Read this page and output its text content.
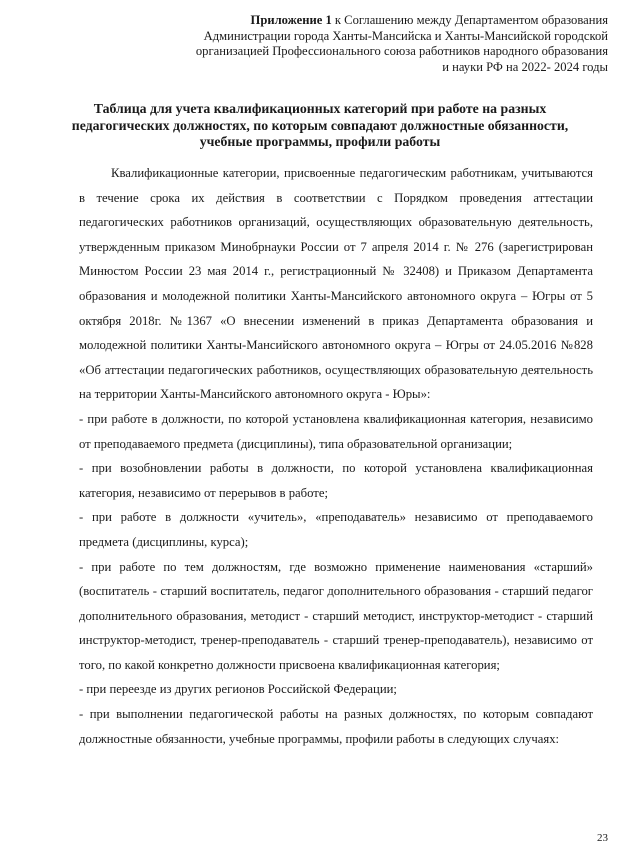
Приложение 1 к Соглашению между Департаментом образования Администрации города Ханты-Мансийска и Ханты-Мансийской городской организацией Профессионального союза работников народного образования и науки РФ на 2022- 2024 годы
Таблица для учета квалификационных категорий при работе на разных педагогических должностях, по которым совпадают должностные обязанности, учебные программы, профили работы

Квалификационные категории, присвоенные педагогическим работникам, учитываются в течение срока их действия в соответствии с Порядком проведения аттестации педагогических работников организаций, осуществляющих образовательную деятельность, утвержденным приказом Минобрнауки России от 7 апреля 2014 г. № 276 (зарегистрирован Минюстом России 23 мая 2014 г., регистрационный № 32408) и Приказом Департамента образования и молодежной политики Ханты-Мансийского автономного округа – Югры от 5 октября 2018г. №1367 «О внесении изменений в приказ Департамента образования и молодежной политики Ханты-Мансийского автономного округа – Югры от 24.05.2016 №828 «Об аттестации педагогических работников, осуществляющих образовательную деятельность на территории Ханты-Мансийского автономного округа - Юры»:

- при работе в должности, по которой установлена квалификационная категория, независимо от преподаваемого предмета (дисциплины), типа образовательной организации;

- при возобновлении работы в должности, по которой установлена квалификационная категория, независимо от перерывов в работе;

- при работе в должности «учитель», «преподаватель» независимо от преподаваемого предмета (дисциплины, курса);

- при работе по тем должностям, где возможно применение наименования «старший» (воспитатель - старший воспитатель, педагог дополнительного образования - старший педагог дополнительного образования, методист - старший методист, инструктор-методист - старший инструктор-методист, тренер-преподаватель - старший тренер-преподаватель), независимо от того, по какой конкретно должности присвоена квалификационная категория;

- при переезде из других регионов Российской Федерации;

- при выполнении педагогической работы на разных должностях, по которым совпадают должностные обязанности, учебные программы, профили работы в следующих случаях:

23
